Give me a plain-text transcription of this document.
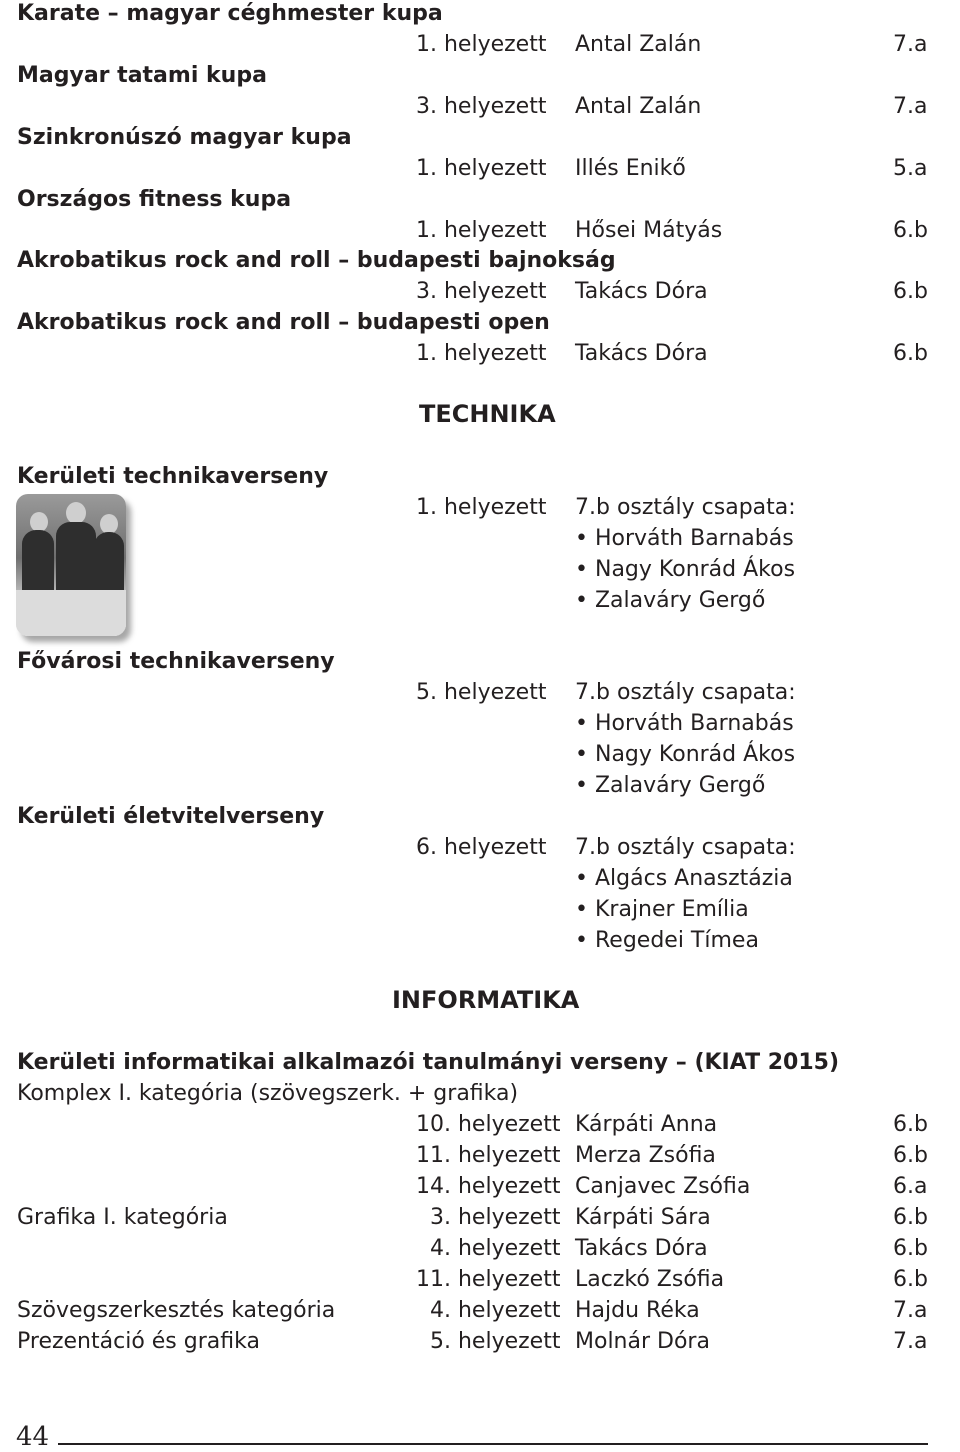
Karate – magyar céghmester kupa
1. helyezett Antal Zalán	7.a
Magyar tatami kupa
3. helyezett Antal Zalán	7.a
Szinkronúszó magyar kupa
1. helyezett Illés Enikő	5.a
Országos fitness kupa
1. helyezett Hősei Mátyás	6.b
Akrobatikus rock and roll – budapesti bajnokság
3. helyezett Takács Dóra	6.b
Akrobatikus rock and roll – budapesti open
1. helyezett Takács Dóra	6.b
TECHNIKA
Kerületi technikaverseny
1. helyezett 7.b osztály csapata:
• Horváth Barnabás
• Nagy Konrád Ákos
• Zalaváry Gergő
Fővárosi technikaverseny
5. helyezett 7.b osztály csapata:
• Horváth Barnabás
• Nagy Konrád Ákos
• Zalaváry Gergő
Kerületi életvitelverseny
6. helyezett 7.b osztály csapata:
• Algács Anasztázia
• Krajner Emília
• Regedei Tímea
INFORMATIKA
Kerületi informatikai alkalmazói tanulmányi verseny – (KIAT 2015)
Komplex I. kategória (szövegszerk. + grafika)
10. helyezett Kárpáti Anna	6.b
11. helyezett Merza Zsófia	6.b
14. helyezett Canjavec Zsófia	6.a
Grafika I. kategória	3. helyezett Kárpáti Sára	6.b
4. helyezett Takács Dóra	6.b
11. helyezett Laczkó Zsófia	6.b
Szövegszerkesztés kategória	4. helyezett Hajdu Réka	7.a
Prezentáció és grafika	5. helyezett Molnár Dóra	7.a
44
